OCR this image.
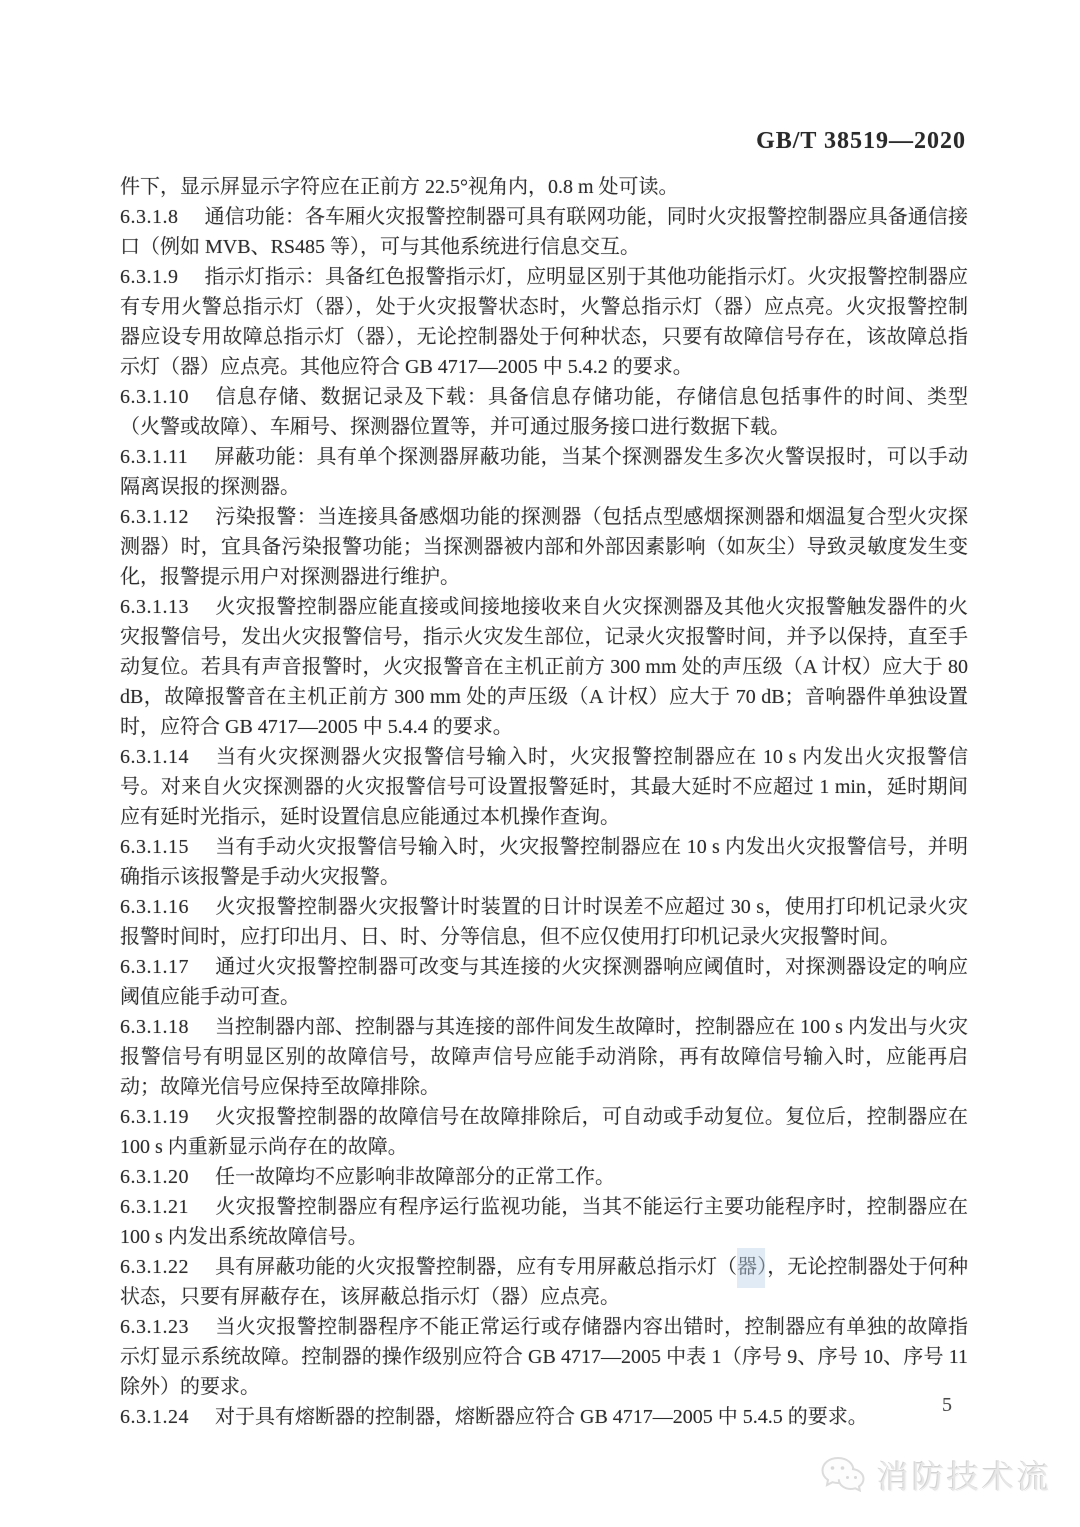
GB/T 38519—2020

件下，显示屏显示字符应在正前方 22.5°视角内，0.8 m 处可读。

6.3.1.8 通信功能：各车厢火灾报警控制器可具有联网功能，同时火灾报警控制器应具备通信接口（例如 MVB、RS485 等），可与其他系统进行信息交互。

6.3.1.9 指示灯指示：具备红色报警指示灯，应明显区别于其他功能指示灯。火灾报警控制器应有专用火警总指示灯（器），处于火灾报警状态时，火警总指示灯（器）应点亮。火灾报警控制器应设专用故障总指示灯（器），无论控制器处于何种状态，只要有故障信号存在，该故障总指示灯（器）应点亮。其他应符合 GB 4717—2005 中 5.4.2 的要求。

6.3.1.10 信息存储、数据记录及下载：具备信息存储功能，存储信息包括事件的时间、类型（火警或故障）、车厢号、探测器位置等，并可通过服务接口进行数据下载。

6.3.1.11 屏蔽功能：具有单个探测器屏蔽功能，当某个探测器发生多次火警误报时，可以手动隔离误报的探测器。

6.3.1.12 污染报警：当连接具备感烟功能的探测器（包括点型感烟探测器和烟温复合型火灾探测器）时，宜具备污染报警功能；当探测器被内部和外部因素影响（如灰尘）导致灵敏度发生变化，报警提示用户对探测器进行维护。

6.3.1.13 火灾报警控制器应能直接或间接地接收来自火灾探测器及其他火灾报警触发器件的火灾报警信号，发出火灾报警信号，指示火灾发生部位，记录火灾报警时间，并予以保持，直至手动复位。若具有声音报警时，火灾报警音在主机正前方 300 mm 处的声压级（A 计权）应大于 80 dB，故障报警音在主机正前方 300 mm 处的声压级（A 计权）应大于 70 dB；音响器件单独设置时，应符合 GB 4717—2005 中 5.4.4 的要求。

6.3.1.14 当有火灾探测器火灾报警信号输入时，火灾报警控制器应在 10 s 内发出火灾报警信号。对来自火灾探测器的火灾报警信号可设置报警延时，其最大延时不应超过 1 min，延时期间应有延时光指示，延时设置信息应能通过本机操作查询。

6.3.1.15 当有手动火灾报警信号输入时，火灾报警控制器应在 10 s 内发出火灾报警信号，并明确指示该报警是手动火灾报警。

6.3.1.16 火灾报警控制器火灾报警计时装置的日计时误差不应超过 30 s，使用打印机记录火灾报警时间时，应打印出月、日、时、分等信息，但不应仅使用打印机记录火灾报警时间。

6.3.1.17 通过火灾报警控制器可改变与其连接的火灾探测器响应阈值时，对探测器设定的响应阈值应能手动可查。

6.3.1.18 当控制器内部、控制器与其连接的部件间发生故障时，控制器应在 100 s 内发出与火灾报警信号有明显区别的故障信号，故障声信号应能手动消除，再有故障信号输入时，应能再启动；故障光信号应保持至故障排除。

6.3.1.19 火灾报警控制器的故障信号在故障排除后，可自动或手动复位。复位后，控制器应在 100 s 内重新显示尚存在的故障。

6.3.1.20 任一故障均不应影响非故障部分的正常工作。

6.3.1.21 火灾报警控制器应有程序运行监视功能，当其不能运行主要功能程序时，控制器应在 100 s 内发出系统故障信号。

6.3.1.22 具有屏蔽功能的火灾报警控制器，应有专用屏蔽总指示灯（器），无论控制器处于何种状态，只要有屏蔽存在，该屏蔽总指示灯（器）应点亮。

6.3.1.23 当火灾报警控制器程序不能正常运行或存储器内容出错时，控制器应有单独的故障指示灯显示系统故障。控制器的操作级别应符合 GB 4717—2005 中表 1（序号 9、序号 10、序号 11 除外）的要求。

6.3.1.24 对于具有熔断器的控制器，熔断器应符合 GB 4717—2005 中 5.4.5 的要求。

5
消防技术流
